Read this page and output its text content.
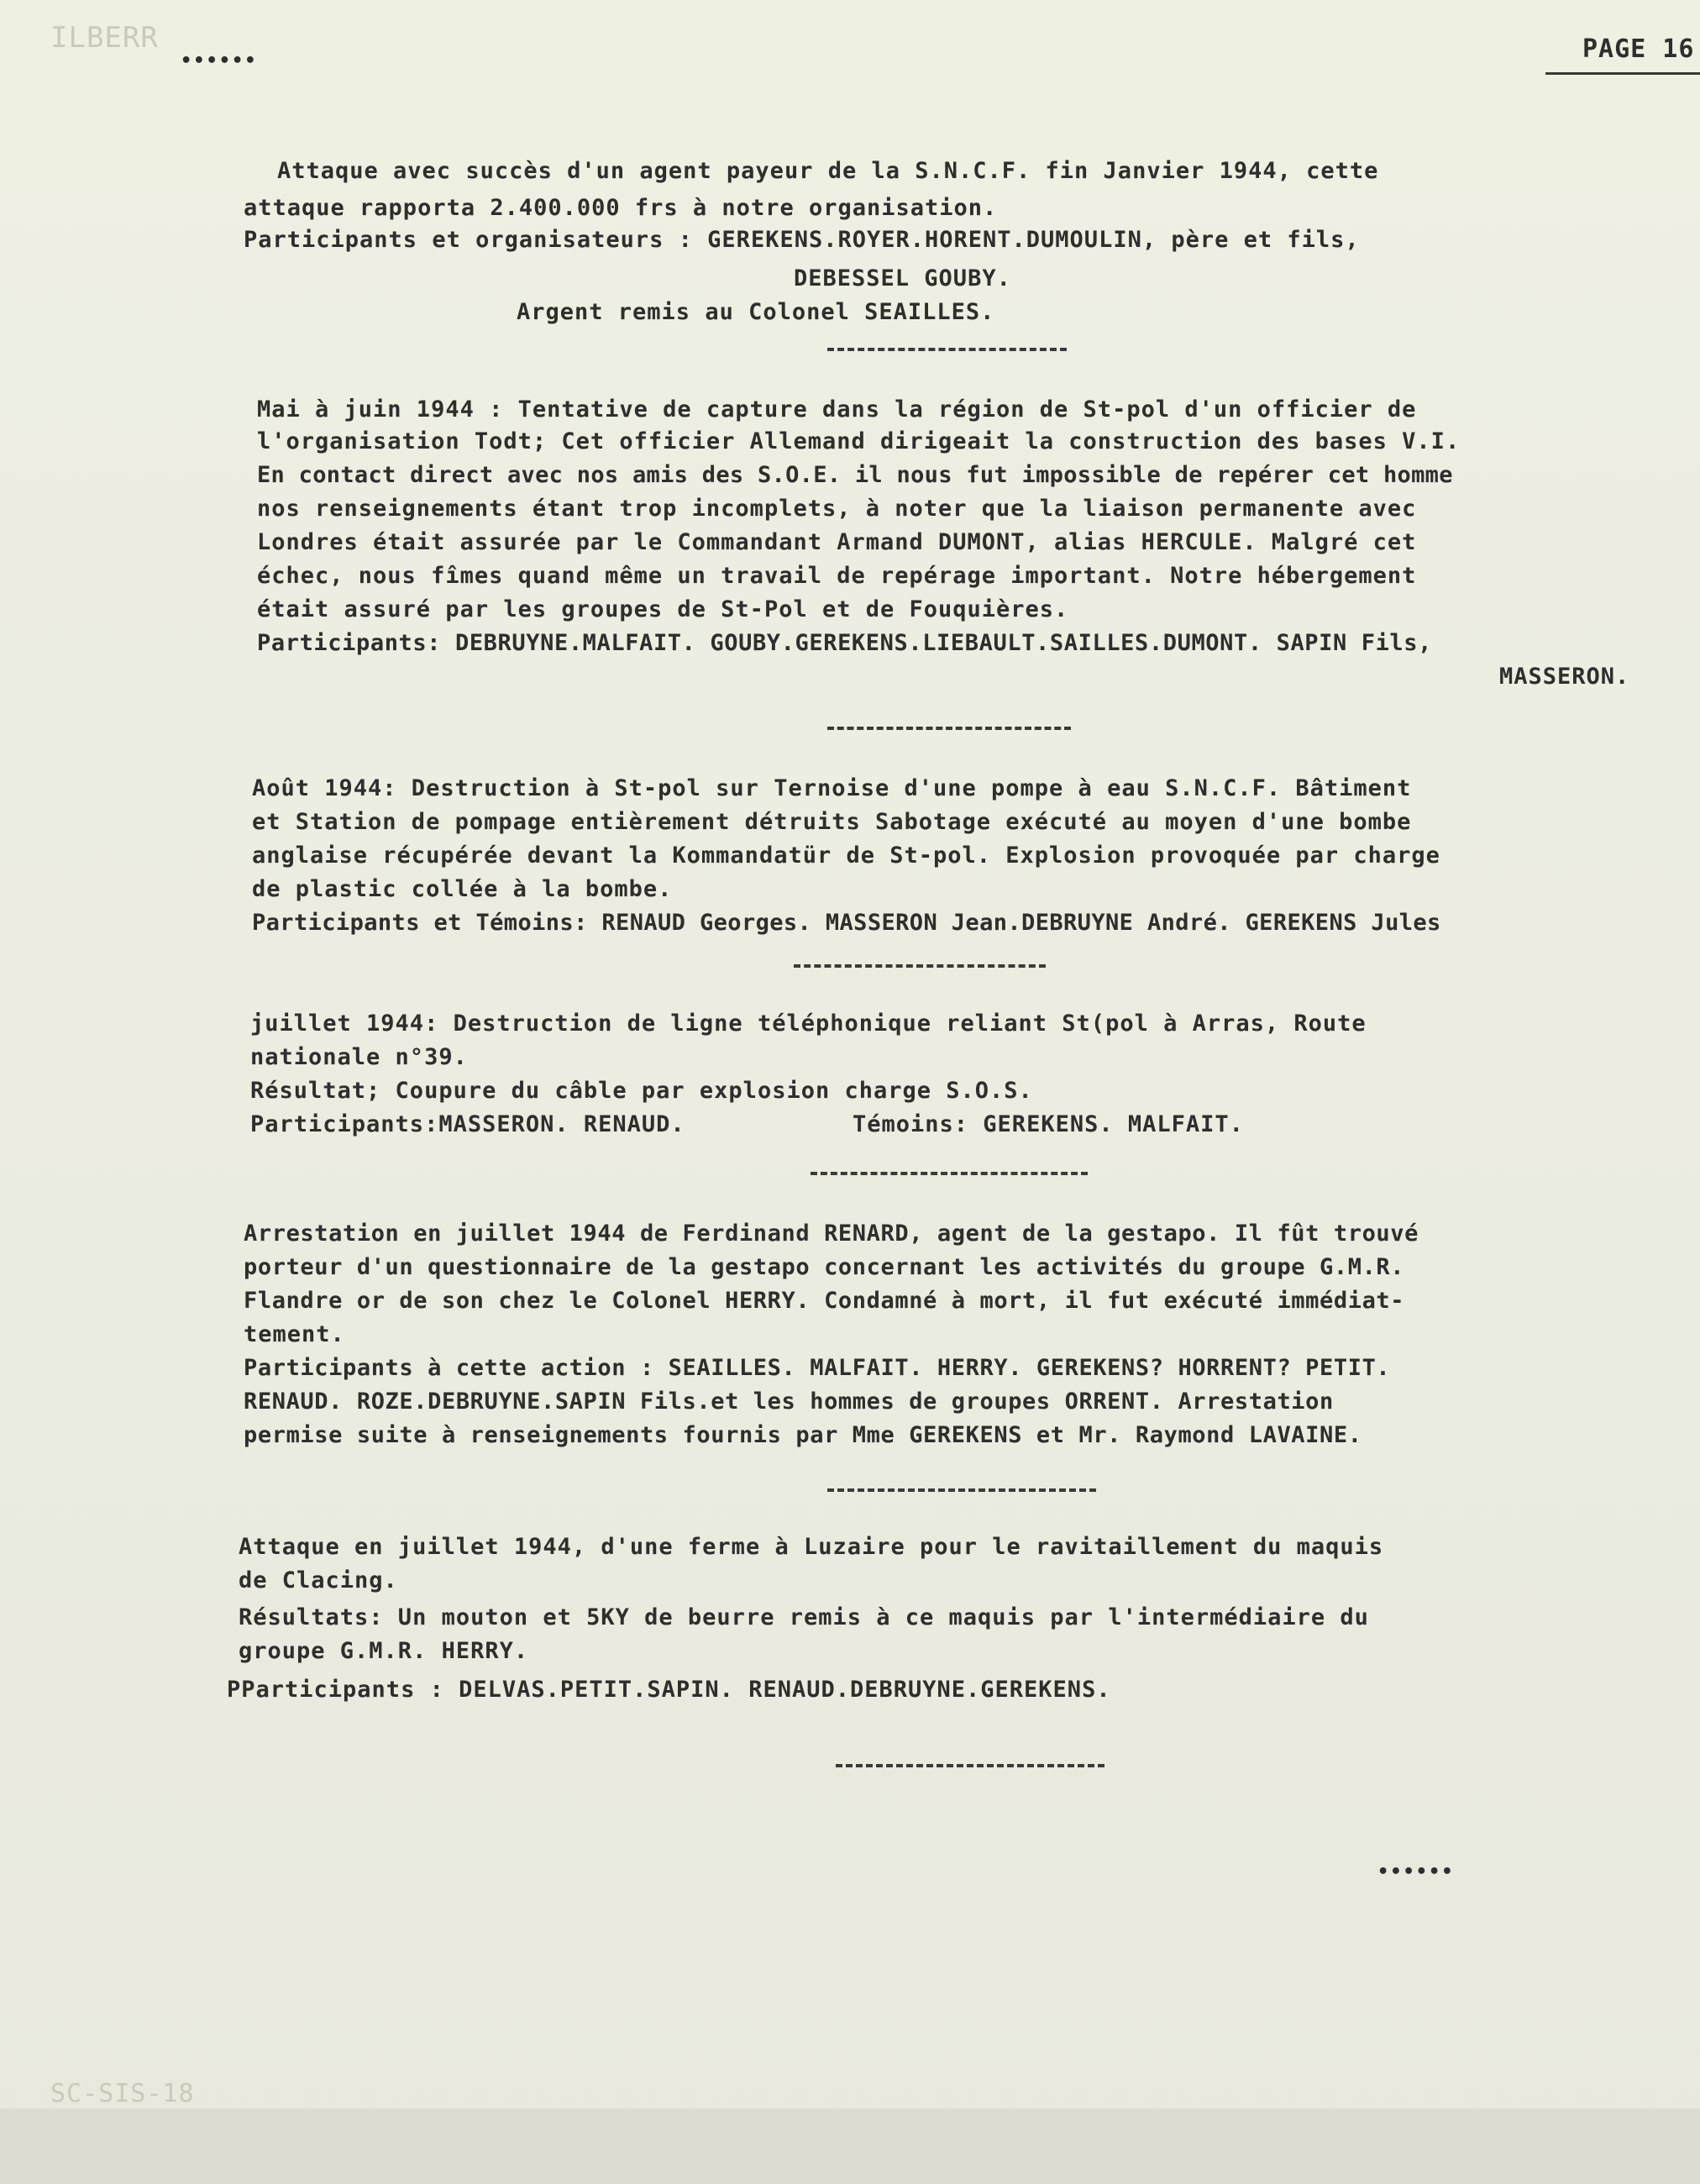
ILBERR
••••••	PAGE 16
Attaque avec succès d'un agent payeur de la S.N.C.F. fin Janvier 1944, cette
attaque rapporta 2.400.000 frs à notre organisation.
Participants et organisateurs : GEREKENS.ROYER.HORENT.DUMOULIN, père et fils,
DEBESSEL GOUBY.
Argent remis au Colonel SEAILLES.
Mai à juin 1944 : Tentative de capture dans la région de St-pol d'un officier de
l'organisation Todt; Cet officier Allemand dirigeait la construction des bases V.I.
En contact direct avec nos amis des S.O.E. il nous fut impossible de repérer cet homme
nos renseignements étant trop incomplets, à noter que la liaison permanente avec
Londres était assurée par le Commandant Armand DUMONT, alias HERCULE. Malgré cet
échec, nous fîmes quand même un travail de repérage important. Notre hébergement
était assuré par les groupes de St-Pol et de Fouquières.
Participants: DEBRUYNE.MALFAIT. GOUBY.GEREKENS.LIEBAULT.SAILLES.DUMONT. SAPIN Fils,
MASSERON.
Août 1944: Destruction à St-pol sur Ternoise d'une pompe à eau S.N.C.F. Bâtiment
et Station de pompage entièrement détruits Sabotage exécuté au moyen d'une bombe
anglaise récupérée devant la Kommandatür de St-pol. Explosion provoquée par charge
de plastic collée à la bombe.
Participants et Témoins: RENAUD Georges. MASSERON Jean.DEBRUYNE André. GEREKENS Jules
juillet 1944: Destruction de ligne téléphonique reliant St(pol à Arras, Route
nationale n°39.
Résultat; Coupure du câble par explosion charge S.O.S.
Participants:MASSERON. RENAUD.	Témoins: GEREKENS. MALFAIT.
Arrestation en juillet 1944 de Ferdinand RENARD, agent de la gestapo. Il fût trouvé
porteur d'un questionnaire de la gestapo concernant les activités du groupe G.M.R.
Flandre or de son chez le Colonel HERRY. Condamné à mort, il fut exécuté immédiat-
tement.
Participants à cette action : SEAILLES. MALFAIT. HERRY. GEREKENS? HORRENT? PETIT.
RENAUD. ROZE.DEBRUYNE.SAPIN Fils.et les hommes de groupes ORRENT. Arrestation
permise suite à renseignements fournis par Mme GEREKENS et Mr. Raymond LAVAINE.
Attaque en juillet 1944, d'une ferme à Luzaire pour le ravitaillement du maquis
de Clacing.
Résultats: Un mouton et 5KY de beurre remis à ce maquis par l'intermédiaire du
groupe G.M.R. HERRY.
PParticipants : DELVAS.PETIT.SAPIN. RENAUD.DEBRUYNE.GEREKENS.
••••••
SC-SIS-18
